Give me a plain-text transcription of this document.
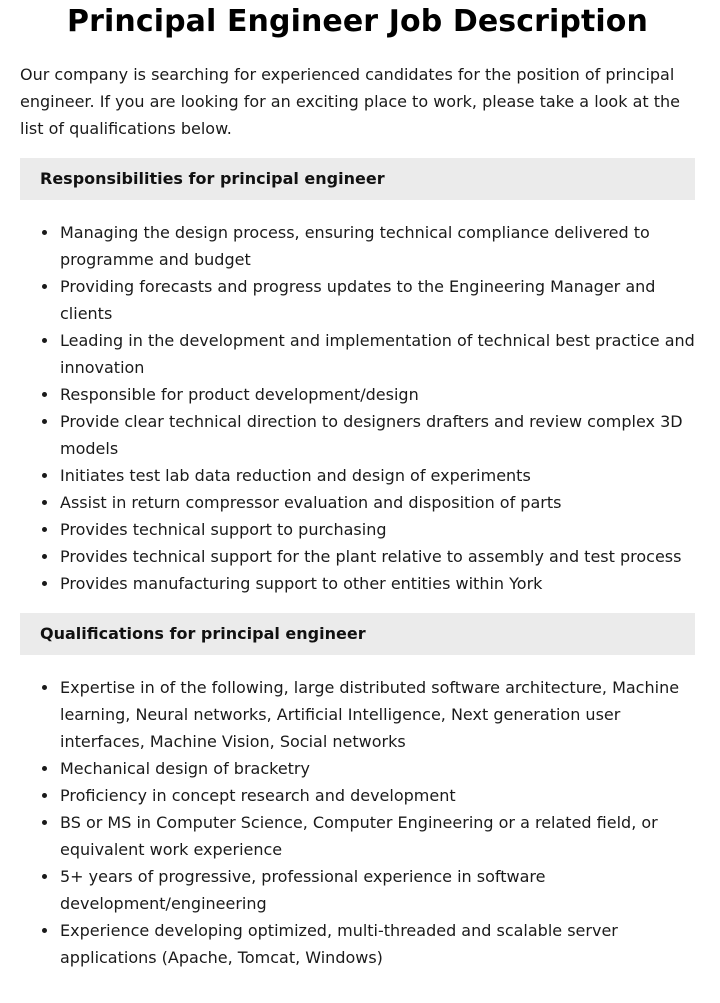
Principal Engineer Job Description

Our company is searching for experienced candidates for the position of principal engineer. If you are looking for an exciting place to work, please take a look at the list of qualifications below.

Responsibilities for principal engineer
Managing the design process, ensuring technical compliance delivered to programme and budget
Providing forecasts and progress updates to the Engineering Manager and clients
Leading in the development and implementation of technical best practice and innovation
Responsible for product development/design
Provide clear technical direction to designers drafters and review complex 3D models
Initiates test lab data reduction and design of experiments
Assist in return compressor evaluation and disposition of parts
Provides technical support to purchasing
Provides technical support for the plant relative to assembly and test process
Provides manufacturing support to other entities within York
Qualifications for principal engineer
Expertise in of the following, large distributed software architecture, Machine learning, Neural networks, Artificial Intelligence, Next generation user interfaces, Machine Vision, Social networks
Mechanical design of bracketry
Proficiency in concept research and development
BS or MS in Computer Science, Computer Engineering or a related field, or equivalent work experience
5+ years of progressive, professional experience in software development/engineering
Experience developing optimized, multi-threaded and scalable server applications (Apache, Tomcat, Windows)
